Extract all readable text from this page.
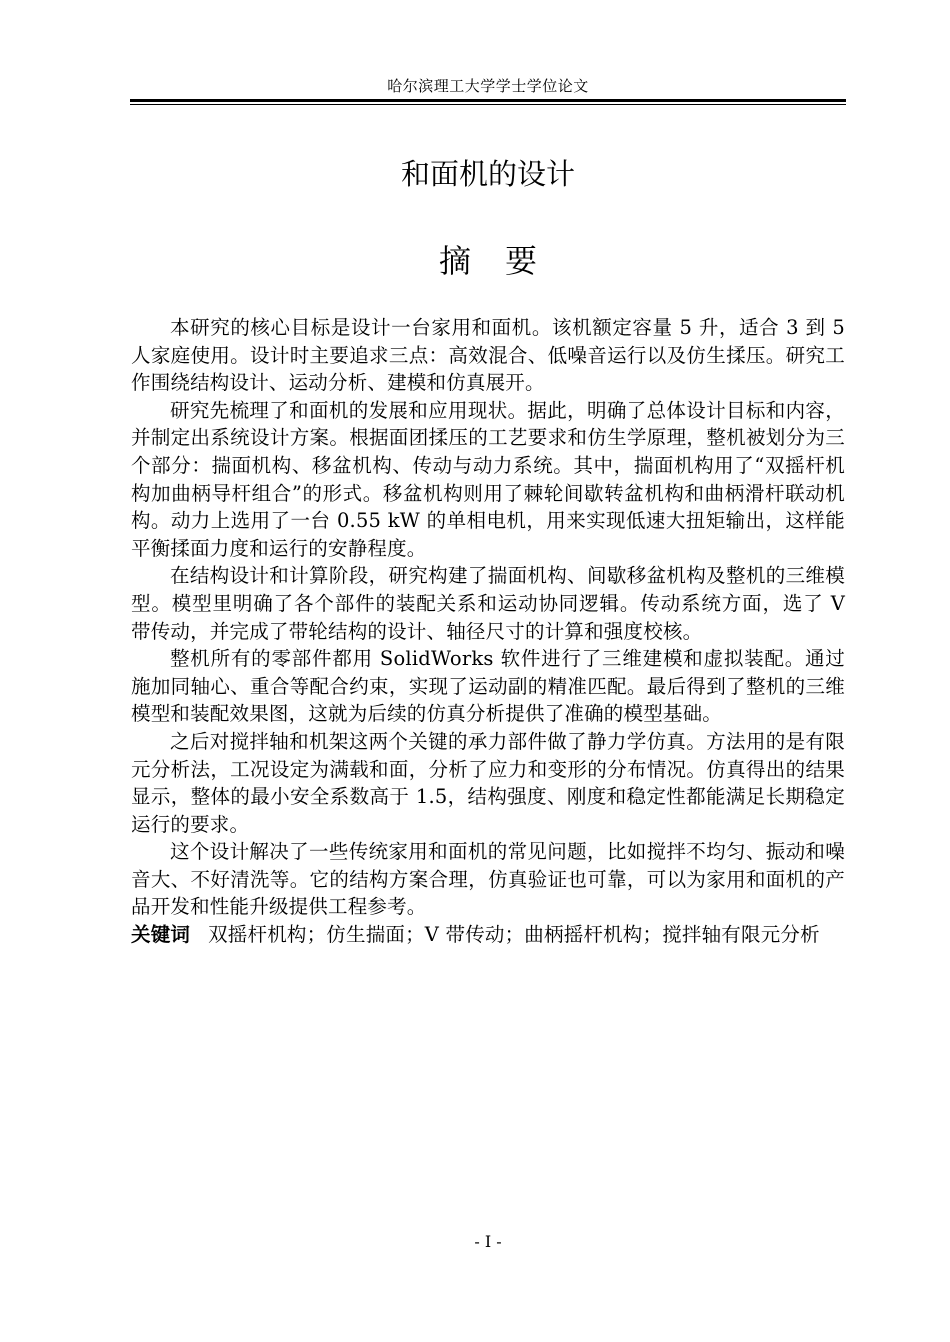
哈尔滨理工大学学士学位论文
和面机的设计
摘要

本研究的核心目标是设计一台家用和面机。该机额定容量 5 升，适合 3 到 5 人家庭使用。设计时主要追求三点：高效混合、低噪音运行以及仿生揉压。研究工作围绕结构设计、运动分析、建模和仿真展开。

研究先梳理了和面机的发展和应用现状。据此，明确了总体设计目标和内容，并制定出系统设计方案。根据面团揉压的工艺要求和仿生学原理，整机被划分为三个部分：揣面机构、移盆机构、传动与动力系统。其中，揣面机构用了“双摇杆机构加曲柄导杆组合”的形式。移盆机构则用了棘轮间歇转盆机构和曲柄滑杆联动机构。动力上选用了一台 0.55 kW 的单相电机，用来实现低速大扭矩输出，这样能平衡揉面力度和运行的安静程度。

在结构设计和计算阶段，研究构建了揣面机构、间歇移盆机构及整机的三维模型。模型里明确了各个部件的装配关系和运动协同逻辑。传动系统方面，选了 V 带传动，并完成了带轮结构的设计、轴径尺寸的计算和强度校核。

整机所有的零部件都用 SolidWorks 软件进行了三维建模和虚拟装配。通过施加同轴心、重合等配合约束，实现了运动副的精准匹配。最后得到了整机的三维模型和装配效果图，这就为后续的仿真分析提供了准确的模型基础。

之后对搅拌轴和机架这两个关键的承力部件做了静力学仿真。方法用的是有限元分析法，工况设定为满载和面，分析了应力和变形的分布情况。仿真得出的结果显示，整体的最小安全系数高于 1.5，结构强度、刚度和稳定性都能满足长期稳定运行的要求。

这个设计解决了一些传统家用和面机的常见问题，比如搅拌不均匀、振动和噪音大、不好清洗等。它的结构方案合理，仿真验证也可靠，可以为家用和面机的产品开发和性能升级提供工程参考。

关键词 双摇杆机构；仿生揣面；V 带传动；曲柄摇杆机构；搅拌轴有限元分析
- I -
